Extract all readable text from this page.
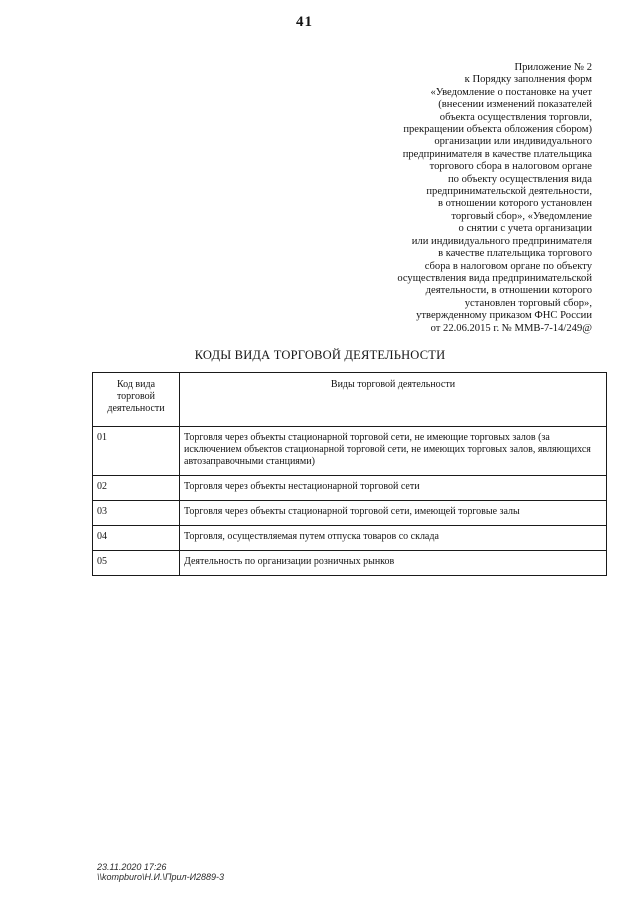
41
Приложение № 2
к Порядку заполнения форм
«Уведомление о постановке на учет
(внесении изменений показателей
объекта осуществления торговли,
прекращении объекта обложения сбором)
организации или индивидуального
предпринимателя в качестве плательщика
торгового сбора в налоговом органе
по объекту осуществления вида
предпринимательской деятельности,
в отношении которого установлен
торговый сбор», «Уведомление
о снятии с учета организации
или индивидуального предпринимателя
в качестве плательщика торгового
сбора в налоговом органе по объекту
осуществления вида предпринимательской
деятельности, в отношении которого
установлен торговый сбор»,
утвержденному приказом ФНС России
от 22.06.2015 г. № ММВ-7-14/249@
КОДЫ ВИДА ТОРГОВОЙ ДЕЯТЕЛЬНОСТИ
Код вида торговой деятельности	Виды торговой деятельности
01	Торговля через объекты стационарной торговой сети, не имеющие торговых залов (за исключением объектов стационарной торговой сети, не имеющих торговых залов, являющихся автозаправочными станциями)
02	Торговля через объекты нестационарной торговой сети
03	Торговля через объекты стационарной торговой сети, имеющей торговые залы
04	Торговля, осуществляемая путем отпуска товаров со склада
05	Деятельность по организации розничных рынков
23.11.2020 17:26
\\kompburo\Н.И.\Прил-И2889-3
